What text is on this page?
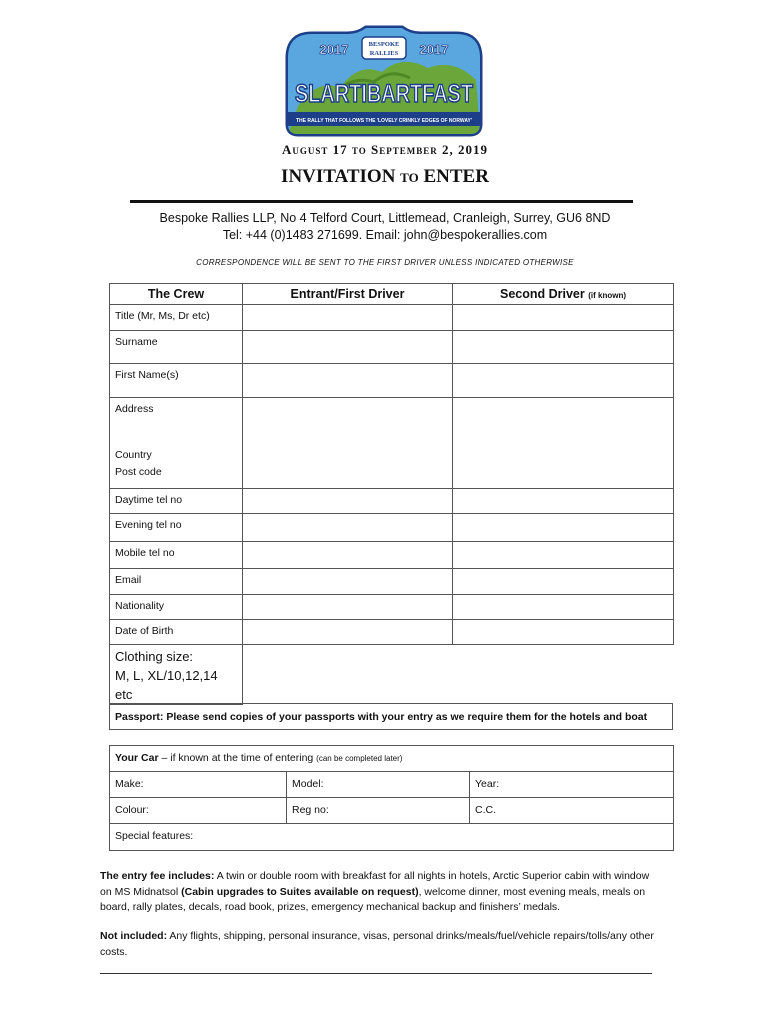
2017	2017
BESPOKE
RALLIES
SLARTIBARTFAST
THE RALLY THAT FOLLOWS THE 'LOVELY CRINKLY EDGES OF NORWAY'
August 17 to September 2, 2019
INVITATION to ENTER
Bespoke Rallies LLP, No 4 Telford Court, Littlemead, Cranleigh, Surrey, GU6 8ND
Tel: +44 (0)1483 271699. Email: john@bespokerallies.com
CORRESPONDENCE WILL BE SENT TO THE FIRST DRIVER UNLESS INDICATED OTHERWISE
The Crew	Entrant/First Driver	Second Driver (if known)
Title (Mr, Ms, Dr etc)		
Surname		
First Name(s)		

Address
Country
Post code		

Daytime tel no		
Evening tel no		
Mobile tel no		
Email		
Nationality		
Date of Birth		

Clothing size:
M, L, XL/10,12,14 etc		

Passport: Please send copies of your passports with your entry as we require them for the hotels and boat
Your Car – if known at the time of entering (can be completed later)		
Make:	Model:	Year:
Colour:	Reg no:	C.C.
Special features:		
The entry fee includes: A twin or double room with breakfast for all nights in hotels, Arctic Superior cabin with window on MS Midnatsol (Cabin upgrades to Suites available on request), welcome dinner, most evening meals, meals on board, rally plates, decals, road book, prizes, emergency mechanical backup and finishers’ medals.
Not included: Any flights, shipping, personal insurance, visas, personal drinks/meals/fuel/vehicle repairs/tolls/any other costs.
